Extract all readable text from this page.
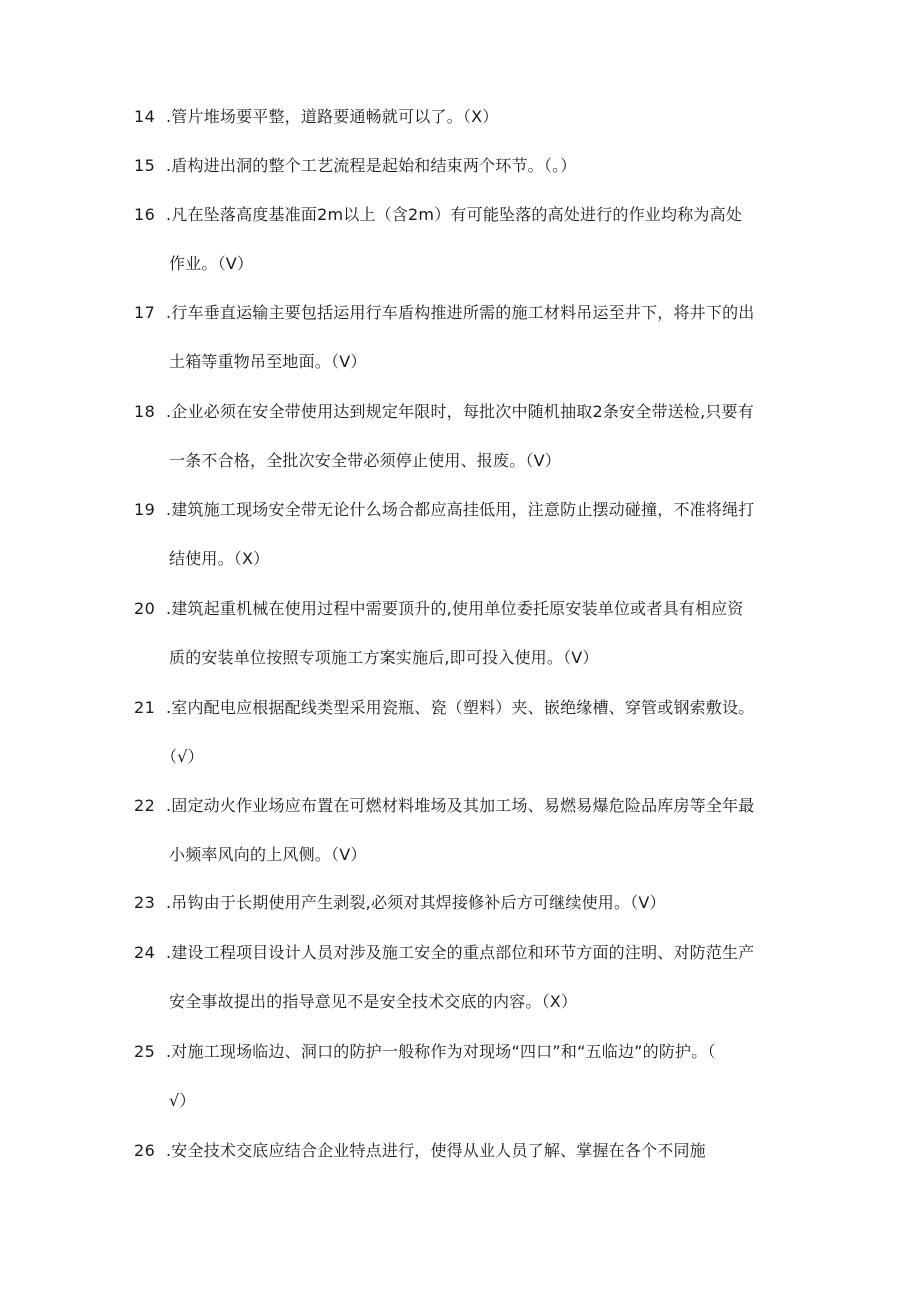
14 .管片堆场要平整，道路要通畅就可以了。（X）
15 .盾构进出洞的整个工艺流程是起始和结束两个环节。（。）
16 .凡在坠落高度基准面2m以上（含2m）有可能坠落的高处进行的作业均称为高处
作业。（V）
17 .行车垂直运输主要包括运用行车盾构推进所需的施工材料吊运至井下，将井下的出
土箱等重物吊至地面。（V）
18 .企业必须在安全带使用达到规定年限时，每批次中随机抽取2条安全带送检,只要有
一条不合格，全批次安全带必须停止使用、报废。（V）
19 .建筑施工现场安全带无论什么场合都应高挂低用，注意防止摆动碰撞，不准将绳打
结使用。（X）
20 .建筑起重机械在使用过程中需要顶升的,使用单位委托原安装单位或者具有相应资
质的安装单位按照专项施工方案实施后,即可投入使用。（V）
21 .室内配电应根据配线类型采用瓷瓶、瓷（塑料）夹、嵌绝缘槽、穿管或钢索敷设。
（√）
22 .固定动火作业场应布置在可燃材料堆场及其加工场、易燃易爆危险品库房等全年最
小频率风向的上风侧。（V）
23 .吊钩由于长期使用产生剥裂,必须对其焊接修补后方可继续使用。（V）
24 .建设工程项目设计人员对涉及施工安全的重点部位和环节方面的注明、对防范生产
安全事故提出的指导意见不是安全技术交底的内容。（X）
25 .对施工现场临边、洞口的防护一般称作为对现场“四口”和“五临边”的防护。（
√）
26 .安全技术交底应结合企业特点进行，使得从业人员了解、掌握在各个不同施
